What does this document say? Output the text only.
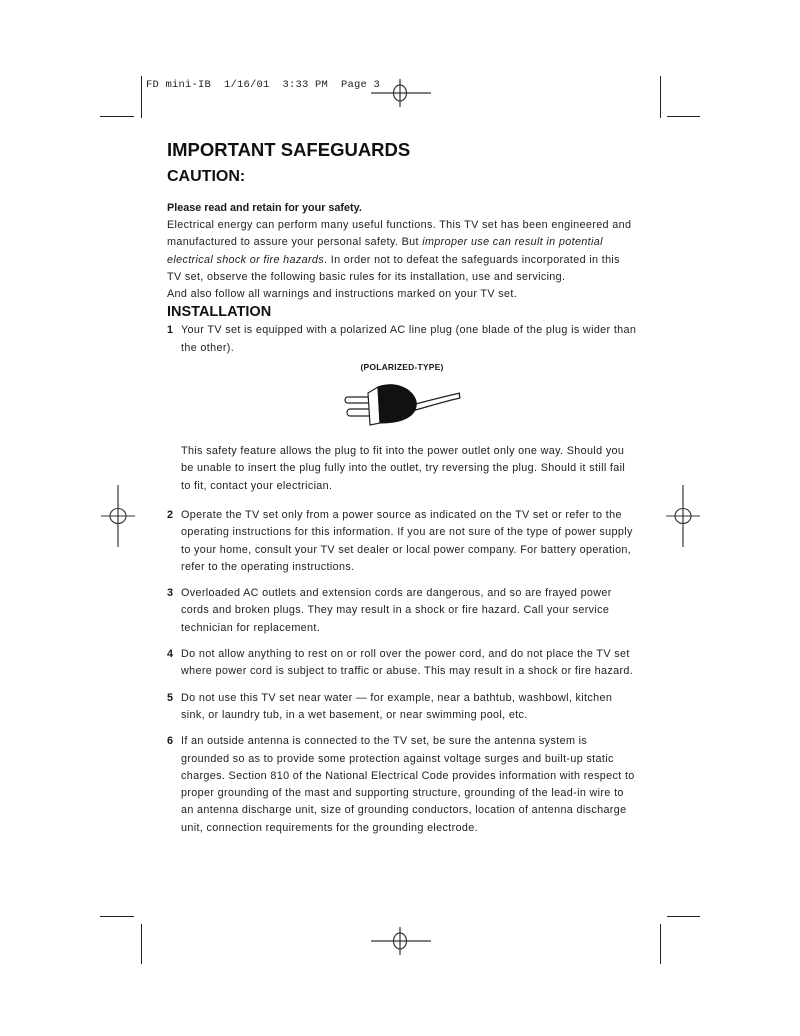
FD mini-IB  1/16/01  3:33 PM  Page 3
IMPORTANT SAFEGUARDS
CAUTION:
Please read and retain for your safety.

Electrical energy can perform many useful functions. This TV set has been engineered and manufactured to assure your personal safety. But improper use can result in potential electrical shock or fire hazards. In order not to defeat the safeguards incorporated in this TV set, observe the following basic rules for its installation, use and servicing.

And also follow all warnings and instructions marked on your TV set.

INSTALLATION
1 Your TV set is equipped with a polarized AC line plug (one blade of the plug is wider than the other).

(POLARIZED-TYPE)

This safety feature allows the plug to fit into the power outlet only one way. Should you be unable to insert the plug fully into the outlet, try reversing the plug. Should it still fail to fit, contact your electrician.

2 Operate the TV set only from a power source as indicated on the TV set or refer to the operating instructions for this information. If you are not sure of the type of power supply to your home, consult your TV set dealer or local power company. For battery operation, refer to the operating instructions.

3 Overloaded AC outlets and extension cords are dangerous, and so are frayed power cords and broken plugs. They may result in a shock or fire hazard. Call your service technician for replacement.

4 Do not allow anything to rest on or roll over the power cord, and do not place the TV set where power cord is subject to traffic or abuse. This may result in a shock or fire hazard.

5 Do not use this TV set near water — for example, near a bathtub, washbowl, kitchen sink, or laundry tub, in a wet basement, or near swimming pool, etc.

6 If an outside antenna is connected to the TV set, be sure the antenna system is grounded so as to provide some protection against voltage surges and built-up static charges. Section 810 of the National Electrical Code provides information with respect to proper grounding of the mast and supporting structure, grounding of the lead-in wire to an antenna discharge unit, size of grounding conductors, location of antenna discharge unit, connection requirements for the grounding electrode.
